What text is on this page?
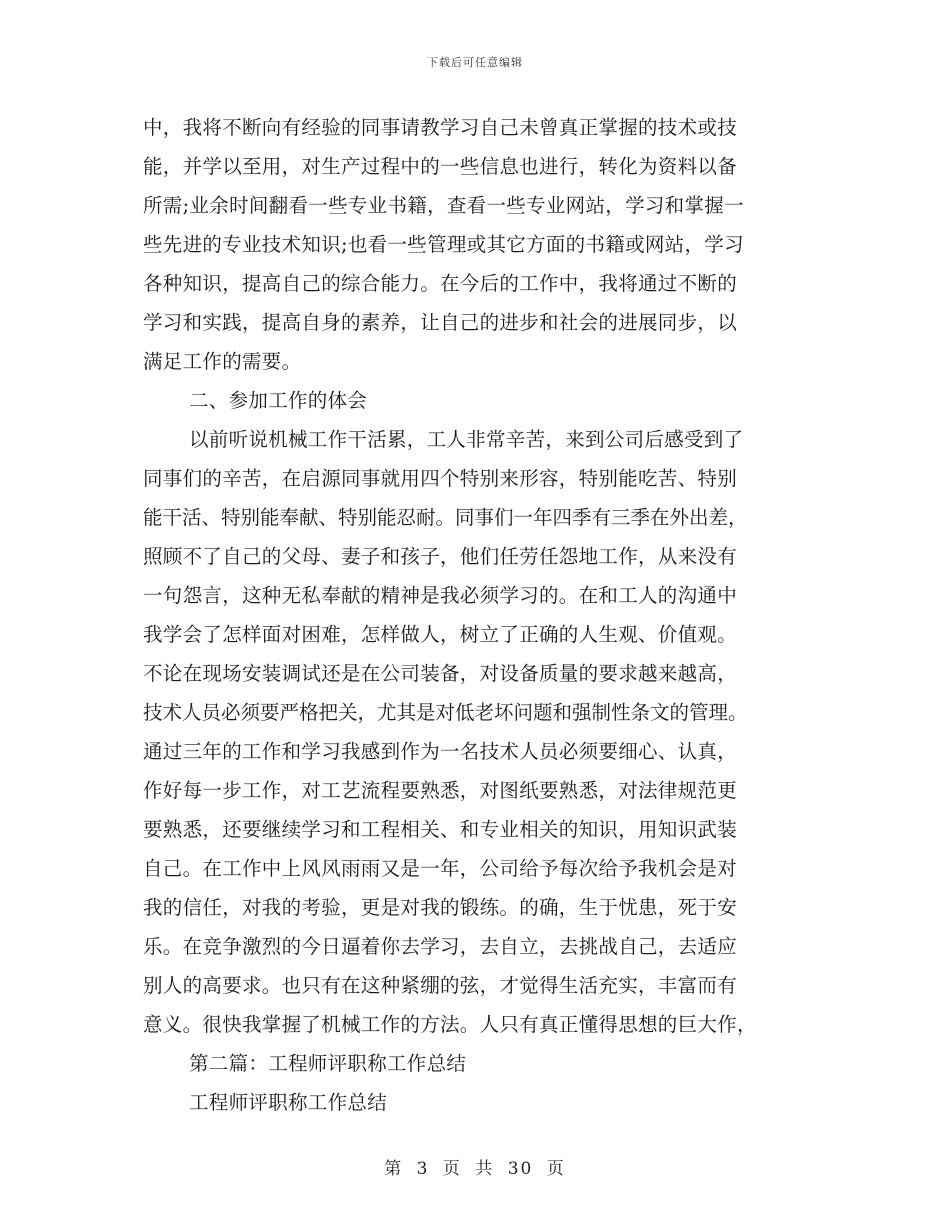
下载后可任意编辑
中，我将不断向有经验的同事请教学习自己未曾真正掌握的技术或技
能，并学以至用，对生产过程中的一些信息也进行，转化为资料以备
所需;业余时间翻看一些专业书籍，查看一些专业网站，学习和掌握一
些先进的专业技术知识;也看一些管理或其它方面的书籍或网站，学习
各种知识，提高自己的综合能力。在今后的工作中，我将通过不断的
学习和实践，提高自身的素养，让自己的进步和社会的进展同步，以
满足工作的需要。
二、参加工作的体会
以前听说机械工作干活累，工人非常辛苦，来到公司后感受到了
同事们的辛苦，在启源同事就用四个特别来形容，特别能吃苦、特别
能干活、特别能奉献、特别能忍耐。同事们一年四季有三季在外出差，
照顾不了自己的父母、妻子和孩子，他们任劳任怨地工作，从来没有
一句怨言，这种无私奉献的精神是我必须学习的。在和工人的沟通中
我学会了怎样面对困难，怎样做人，树立了正确的人生观、价值观。
不论在现场安装调试还是在公司装备，对设备质量的要求越来越高，
技术人员必须要严格把关，尤其是对低老坏问题和强制性条文的管理。
通过三年的工作和学习我感到作为一名技术人员必须要细心、认真，
作好每一步工作，对工艺流程要熟悉，对图纸要熟悉，对法律规范更
要熟悉，还要继续学习和工程相关、和专业相关的知识，用知识武装
自己。在工作中上风风雨雨又是一年，公司给予每次给予我机会是对
我的信任，对我的考验，更是对我的锻练。的确，生于忧患，死于安
乐。在竞争激烈的今日逼着你去学习，去自立，去挑战自己，去适应
别人的高要求。也只有在这种紧绷的弦，才觉得生活充实，丰富而有
意义。很快我掌握了机械工作的方法。人只有真正懂得思想的巨大作，
第二篇：工程师评职称工作总结
工程师评职称工作总结
第 3 页 共 30 页
